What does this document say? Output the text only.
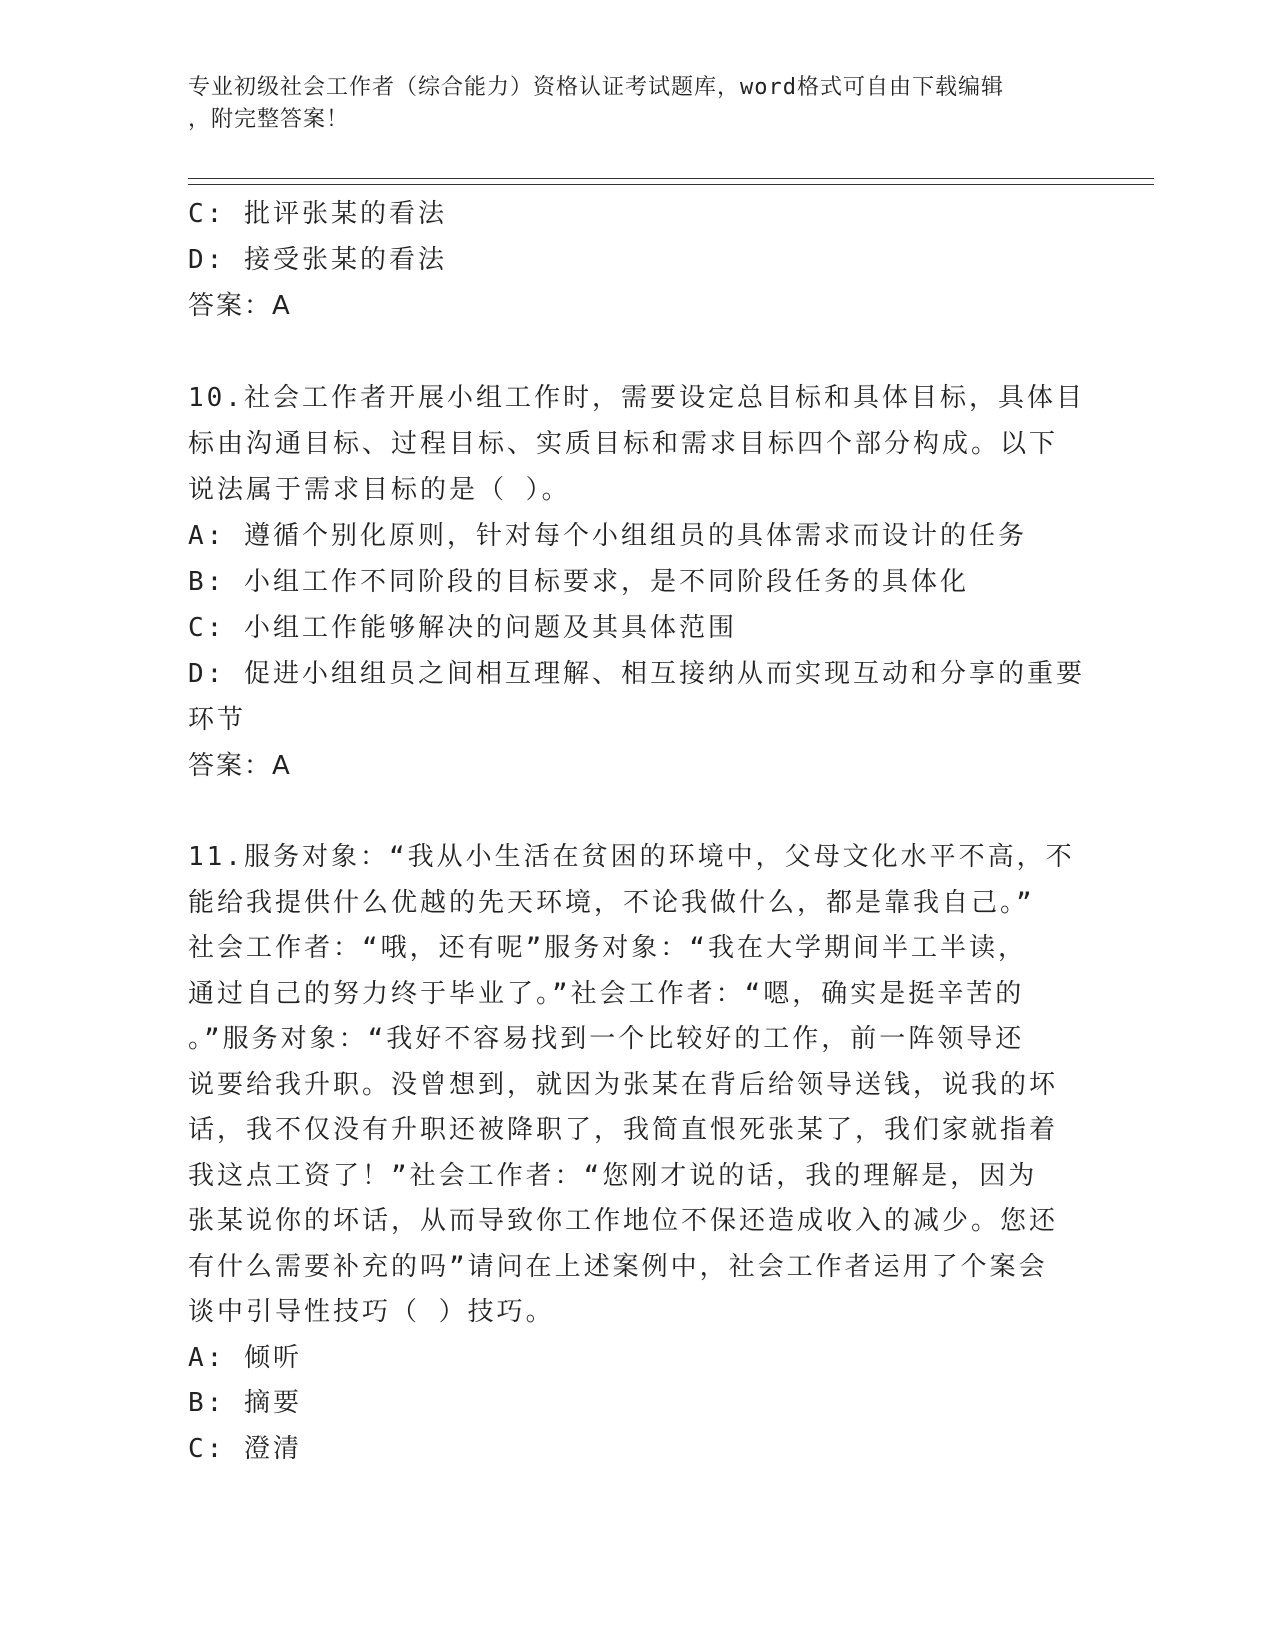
专业初级社会工作者（综合能力）资格认证考试题库，word格式可自由下载编辑
，附完整答案！

C: 批评张某的看法

D: 接受张某的看法

答案：A

10.社会工作者开展小组工作时，需要设定总目标和具体目标，具体目

标由沟通目标、过程目标、实质目标和需求目标四个部分构成。以下

说法属于需求目标的是（ ）。

A: 遵循个别化原则，针对每个小组组员的具体需求而设计的任务

B: 小组工作不同阶段的目标要求，是不同阶段任务的具体化

C: 小组工作能够解决的问题及其具体范围

D: 促进小组组员之间相互理解、相互接纳从而实现互动和分享的重要

环节

答案：A

11.服务对象：“我从小生活在贫困的环境中，父母文化水平不高，不

能给我提供什么优越的先天环境，不论我做什么，都是靠我自己。”

社会工作者：“哦，还有呢”服务对象：“我在大学期间半工半读，

通过自己的努力终于毕业了。”社会工作者：“嗯，确实是挺辛苦的

。”服务对象：“我好不容易找到一个比较好的工作，前一阵领导还

说要给我升职。没曾想到，就因为张某在背后给领导送钱，说我的坏

话，我不仅没有升职还被降职了，我简直恨死张某了，我们家就指着

我这点工资了！”社会工作者：“您刚才说的话，我的理解是，因为

张某说你的坏话，从而导致你工作地位不保还造成收入的减少。您还

有什么需要补充的吗”请问在上述案例中，社会工作者运用了个案会

谈中引导性技巧（ ）技巧。

A: 倾听

B: 摘要

C: 澄清
